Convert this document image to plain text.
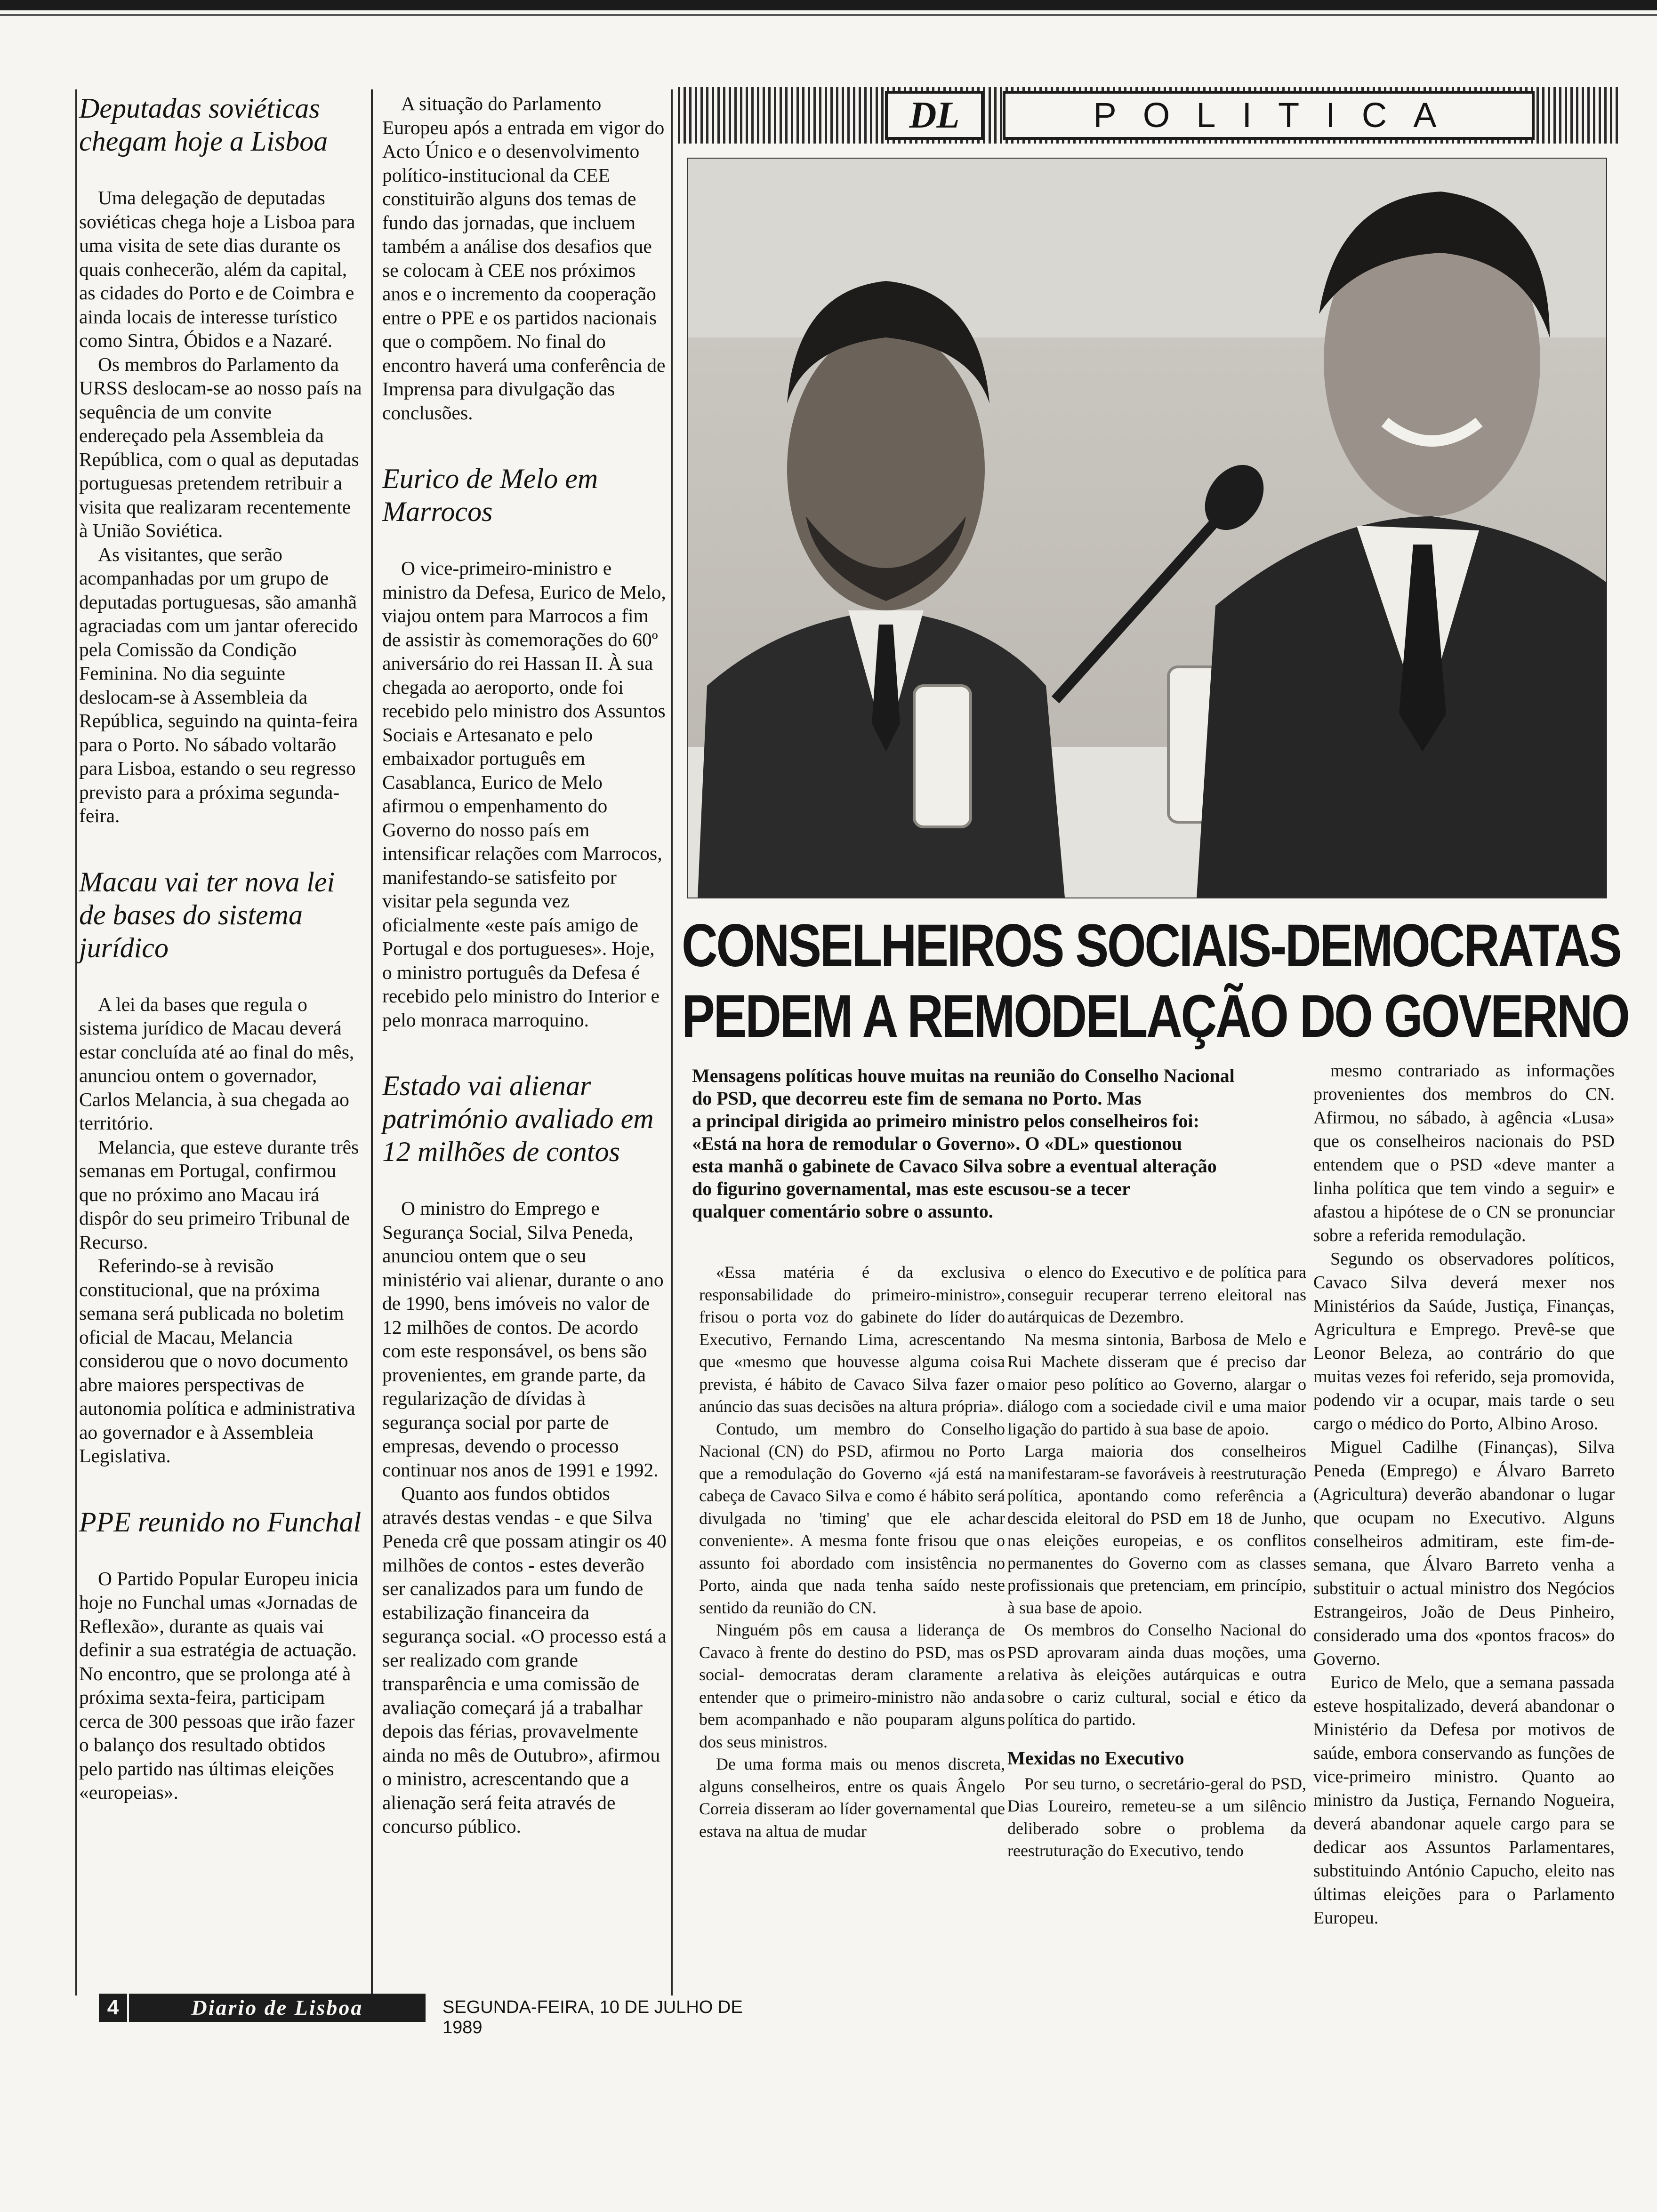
Deputadas soviéticas chegam hoje a Lisboa

Uma delegação de deputadas soviéticas chega hoje a Lisboa para uma visita de sete dias durante os quais conhecerão, além da capital, as cidades do Porto e de Coimbra e ainda locais de interesse turístico como Sintra, Óbidos e a Nazaré.

Os membros do Parlamento da URSS deslocam-se ao nosso país na sequência de um convite endereçado pela Assembleia da República, com o qual as deputadas portuguesas pretendem retribuir a visita que realizaram recentemente à União Soviética.

As visitantes, que serão acompanhadas por um grupo de deputadas portuguesas, são amanhã agraciadas com um jantar oferecido pela Comissão da Condição Feminina. No dia seguinte deslocam-se à Assembleia da República, seguindo na quinta-feira para o Porto. No sábado voltarão para Lisboa, estando o seu regresso previsto para a próxima segunda-feira.

Macau vai ter nova lei de bases do sistema jurídico

A lei da bases que regula o sistema jurídico de Macau deverá estar concluída até ao final do mês, anunciou ontem o governador, Carlos Melancia, à sua chegada ao território.

Melancia, que esteve durante três semanas em Portugal, confirmou que no próximo ano Macau irá dispôr do seu primeiro Tribunal de Recurso.

Referindo-se à revisão constitucional, que na próxima semana será publicada no boletim oficial de Macau, Melancia considerou que o novo documento abre maiores perspectivas de autonomia política e administrativa ao governador e à Assembleia Legislativa.

PPE reunido no Funchal

O Partido Popular Europeu inicia hoje no Funchal umas «Jornadas de Reflexão», durante as quais vai definir a sua estratégia de actuação. No encontro, que se prolonga até à próxima sexta-feira, participam cerca de 300 pessoas que irão fazer o balanço dos resultado obtidos pelo partido nas últimas eleições «europeias».

A situação do Parlamento Europeu após a entrada em vigor do Acto Único e o desenvolvimento político-institucional da CEE constituirão alguns dos temas de fundo das jornadas, que incluem também a análise dos desafios que se colocam à CEE nos próximos anos e o incremento da cooperação entre o PPE e os partidos nacionais que o compõem. No final do encontro haverá uma conferência de Imprensa para divulgação das conclusões.

Eurico de Melo em Marrocos

O vice-primeiro-ministro e ministro da Defesa, Eurico de Melo, viajou ontem para Marrocos a fim de assistir às comemorações do 60º aniversário do rei Hassan II. À sua chegada ao aeroporto, onde foi recebido pelo ministro dos Assuntos Sociais e Artesanato e pelo embaixador português em Casablanca, Eurico de Melo afirmou o empenhamento do Governo do nosso país em intensificar relações com Marrocos, manifestando-se satisfeito por visitar pela segunda vez oficialmente «este país amigo de Portugal e dos portugueses». Hoje, o ministro português da Defesa é recebido pelo ministro do Interior e pelo monraca marroquino.

Estado vai alienar património avaliado em 12 milhões de contos

O ministro do Emprego e Segurança Social, Silva Peneda, anunciou ontem que o seu ministério vai alienar, durante o ano de 1990, bens imóveis no valor de 12 milhões de contos. De acordo com este responsável, os bens são provenientes, em grande parte, da regularização de dívidas à segurança social por parte de empresas, devendo o processo continuar nos anos de 1991 e 1992.

Quanto aos fundos obtidos através destas vendas - e que Silva Peneda crê que possam atingir os 40 milhões de contos - estes deverão ser canalizados para um fundo de estabilização financeira da segurança social. «O processo está a ser realizado com grande transparência e uma comissão de avaliação começará já a trabalhar depois das férias, provavelmente ainda no mês de Outubro», afirmou o ministro, acrescentando que a alienação será feita através de concurso público.

DL	POLITICA
CONSELHEIROS SOCIAIS-DEMOCRATAS
PEDEM A REMODELAÇÃO DO GOVERNO

Mensagens políticas houve muitas na reunião do Conselho Nacional

do PSD, que decorreu este fim de semana no Porto. Mas

a principal dirigida ao primeiro ministro pelos conselheiros foi:

«Está na hora de remodular o Governo». O «DL» questionou

esta manhã o gabinete de Cavaco Silva sobre a eventual alteração

do figurino governamental, mas este escusou-se a tecer

qualquer comentário sobre o assunto.

«Essa matéria é da exclusiva responsabilidade do primeiro-ministro», frisou o porta voz do gabinete do líder do Executivo, Fernando Lima, acrescentando que «mesmo que houvesse alguma coisa prevista, é hábito de Cavaco Silva fazer o anúncio das suas decisões na altura própria».

Contudo, um membro do Conselho Nacional (CN) do PSD, afirmou no Porto que a remodulação do Governo «já está na cabeça de Cavaco Silva e como é hábito será divulgada no 'timing' que ele achar conveniente». A mesma fonte frisou que o assunto foi abordado com insistência no Porto, ainda que nada tenha saído neste sentido da reunião do CN.

Ninguém pôs em causa a liderança de Cavaco à frente do destino do PSD, mas os social- democratas deram claramente a entender que o primeiro-ministro não anda bem acompanhado e não pouparam alguns dos seus ministros.

De uma forma mais ou menos discreta, alguns conselheiros, entre os quais Ângelo Correia disseram ao líder governamental que estava na altua de mudar

o elenco do Executivo e de política para conseguir recuperar terreno eleitoral nas autárquicas de Dezembro.

Na mesma sintonia, Barbosa de Melo e Rui Machete disseram que é preciso dar maior peso político ao Governo, alargar o diálogo com a sociedade civil e uma maior ligação do partido à sua base de apoio.

Larga maioria dos conselheiros manifestaram-se favoráveis à reestruturação política, apontando como referência a descida eleitoral do PSD em 18 de Junho, nas eleições europeias, e os conflitos permanentes do Governo com as classes profissionais que pretenciam, em princípio, à sua base de apoio.

Os membros do Conselho Nacional do PSD aprovaram ainda duas moções, uma relativa às eleições autárquicas e outra sobre o cariz cultural, social e ético da política do partido.

Mexidas no Executivo

Por seu turno, o secretário-geral do PSD, Dias Loureiro, remeteu-se a um silêncio deliberado sobre o problema da reestruturação do Executivo, tendo

mesmo contrariado as informações provenientes dos membros do CN. Afirmou, no sábado, à agência «Lusa» que os conselheiros nacionais do PSD entendem que o PSD «deve manter a linha política que tem vindo a seguir» e afastou a hipótese de o CN se pronunciar sobre a referida remodulação.

Segundo os observadores políticos, Cavaco Silva deverá mexer nos Ministérios da Saúde, Justiça, Finanças, Agricultura e Emprego. Prevê-se que Leonor Beleza, ao contrário do que muitas vezes foi referido, seja promovida, podendo vir a ocupar, mais tarde o seu cargo o médico do Porto, Albino Aroso.

Miguel Cadilhe (Finanças), Silva Peneda (Emprego) e Álvaro Barreto (Agricultura) deverão abandonar o lugar que ocupam no Executivo. Alguns conselheiros admitiram, este fim-de-semana, que Álvaro Barreto venha a substituir o actual ministro dos Negócios Estrangeiros, João de Deus Pinheiro, considerado uma dos «pontos fracos» do Governo.

Eurico de Melo, que a semana passada esteve hospitalizado, deverá abandonar o Ministério da Defesa por motivos de saúde, embora conservando as funções de vice-primeiro ministro. Quanto ao ministro da Justiça, Fernando Nogueira, deverá abandonar aquele cargo para se dedicar aos Assuntos Parlamentares, substituindo António Capucho, eleito nas últimas eleições para o Parlamento Europeu.

4	Diario de Lisboa	SEGUNDA-FEIRA, 10 DE JULHO DE 1989
